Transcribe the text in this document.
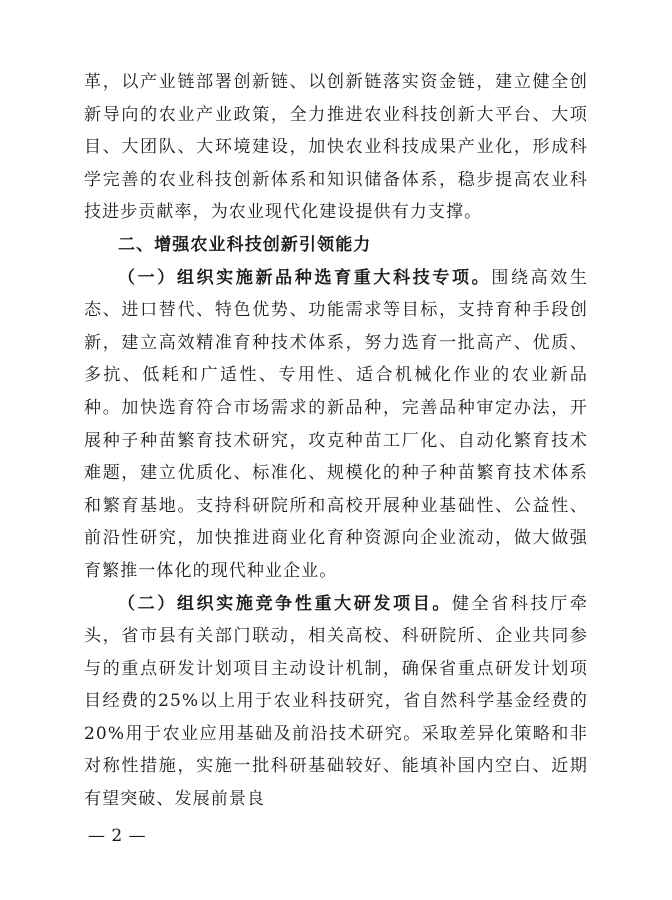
革，以产业链部署创新链、以创新链落实资金链，建立健全创新导向的农业产业政策，全力推进农业科技创新大平台、大项目、大团队、大环境建设，加快农业科技成果产业化，形成科学完善的农业科技创新体系和知识储备体系，稳步提高农业科技进步贡献率，为农业现代化建设提供有力支撑。

二、增强农业科技创新引领能力

（一）组织实施新品种选育重大科技专项。围绕高效生态、进口替代、特色优势、功能需求等目标，支持育种手段创新，建立高效精准育种技术体系，努力选育一批高产、优质、多抗、低耗和广适性、专用性、适合机械化作业的农业新品种。加快选育符合市场需求的新品种，完善品种审定办法，开展种子种苗繁育技术研究，攻克种苗工厂化、自动化繁育技术难题，建立优质化、标准化、规模化的种子种苗繁育技术体系和繁育基地。支持科研院所和高校开展种业基础性、公益性、前沿性研究，加快推进商业化育种资源向企业流动，做大做强育繁推一体化的现代种业企业。

（二）组织实施竞争性重大研发项目。健全省科技厅牵头，省市县有关部门联动，相关高校、科研院所、企业共同参与的重点研发计划项目主动设计机制，确保省重点研发计划项目经费的25%以上用于农业科技研究，省自然科学基金经费的20%用于农业应用基础及前沿技术研究。采取差异化策略和非对称性措施，实施一批科研基础较好、能填补国内空白、近期有望突破、发展前景良

— 2 —
